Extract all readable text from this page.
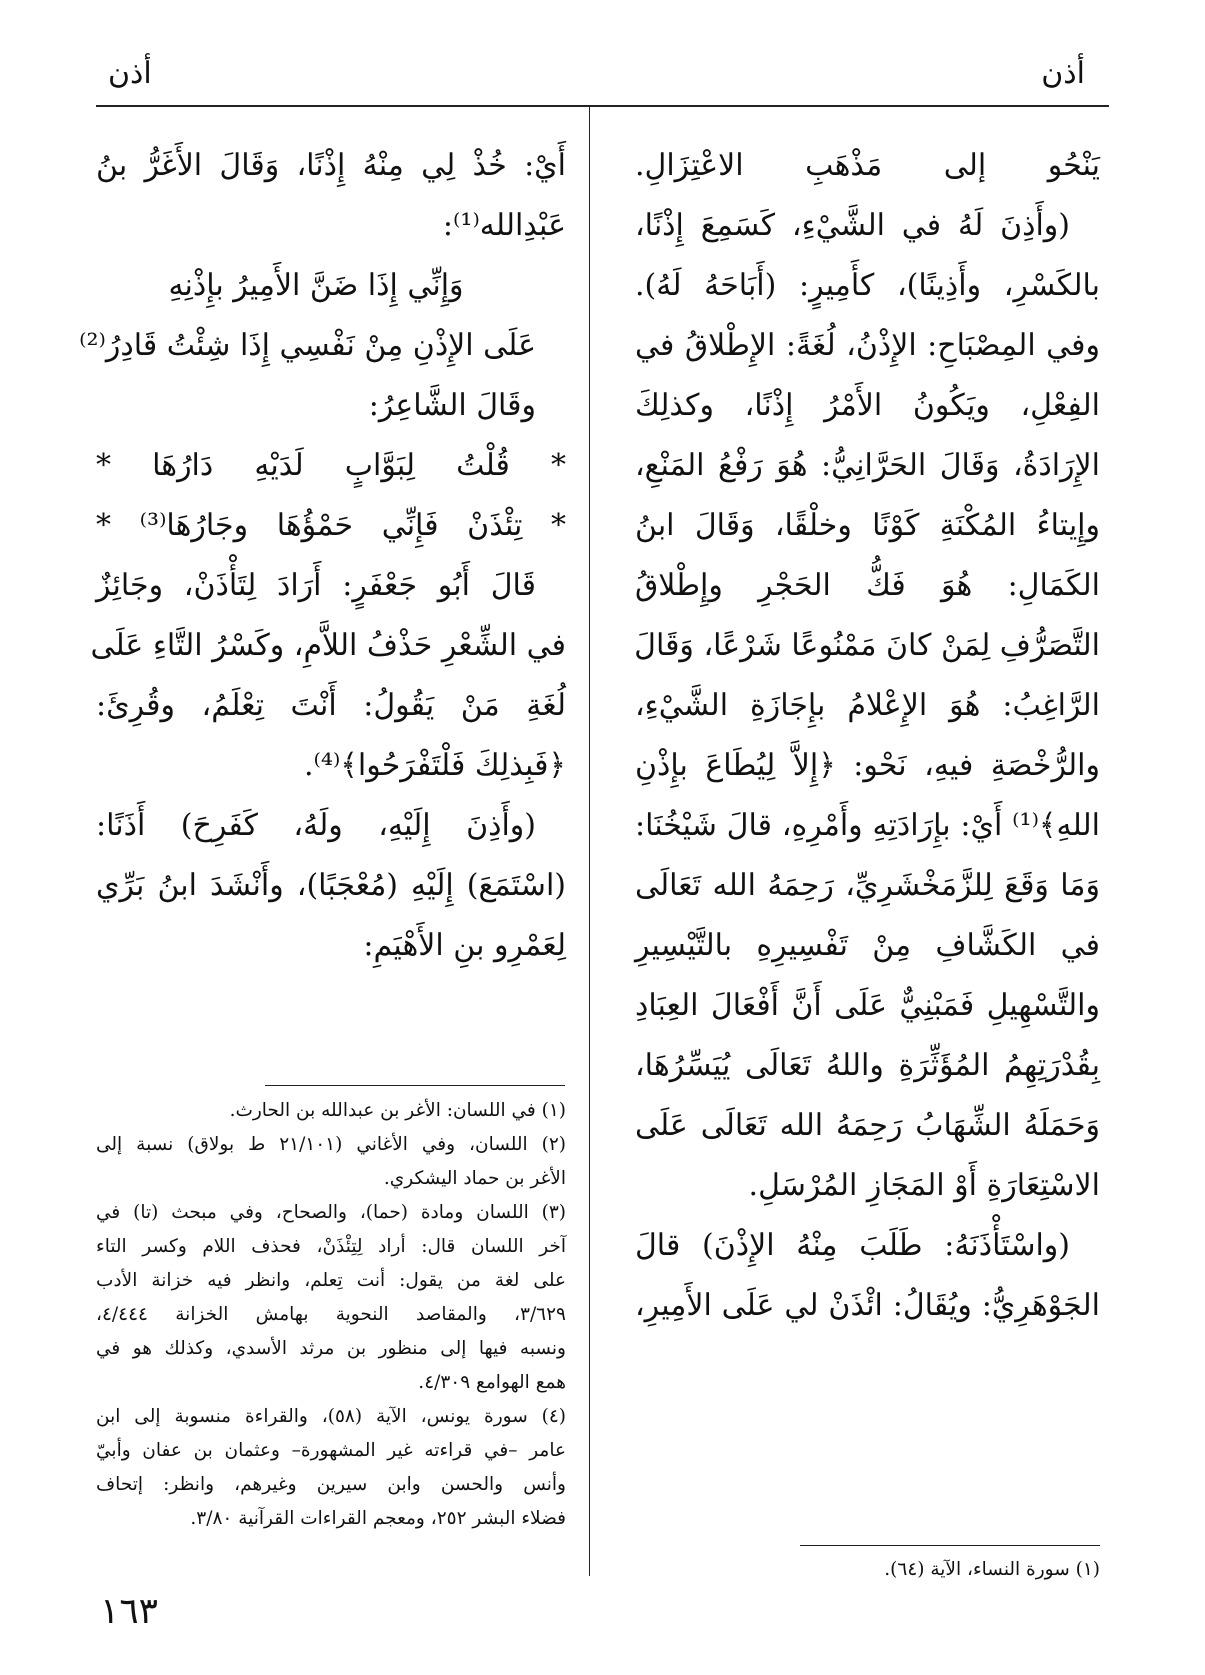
أذن
أذن
يَنْحُو إلى مَذْهَبِ الاعْتِزَالِ.
(وأَذِنَ لَهُ في الشَّيْءِ، كَسَمِعَ إِذْنًا،
بالكَسْرِ، وأَذِينًا)، كأَمِيرٍ: (أَبَاحَهُ لَهُ).
وفي المِصْبَاحِ: الإِذْنُ، لُغَةً: الإِطْلاقُ في
الفِعْلِ، ويَكُونُ الأَمْرُ إِذْنًا، وكذلِكَ
الإِرَادَةُ، وَقَالَ الحَرَّانِيُّ: هُوَ رَفْعُ المَنْعِ،
وإِيتاءُ المُكْنَةِ كَوْنًا وخلْقًا، وَقَالَ ابنُ
الكَمَالِ: هُوَ فَكُّ الحَجْرِ وإِطْلاقُ
التَّصَرُّفِ لِمَنْ كانَ مَمْنُوعًا شَرْعًا، وَقَالَ
الرَّاغِبُ: هُوَ الإِعْلامُ بإِجَازَةِ الشَّيْءِ،
والرُّخْصَةِ فيهِ، نَحْو: ﴿إِلاَّ لِيُطَاعَ بإِذْنِ
اللهِ﴾⁽¹⁾ أَيْ: بإِرَادَتِهِ وأَمْرِهِ، قالَ شَيْخُنَا:
وَمَا وَقَعَ لِلزَّمَخْشَرِيِّ، رَحِمَهُ الله تَعَالَى
في الكَشَّافِ مِنْ تَفْسِيرِهِ بالتَّيْسِيرِ
والتَّسْهِيلِ فَمَبْنِيٌّ عَلَى أَنَّ أَفْعَالَ العِبَادِ
بِقُدْرَتِهِمُ المُؤَثِّرَةِ واللهُ تَعَالَى يُيَسِّرُهَا،
وَحَمَلَهُ الشِّهَابُ رَحِمَهُ الله تَعَالَى عَلَى
الاسْتِعَارَةِ أَوْ المَجَازِ المُرْسَلِ.
(واسْتَأْذَنَهُ: طَلَبَ مِنْهُ الإِذْنَ) قالَ
الجَوْهَرِيُّ: ويُقَالُ: ائْذَنْ لي عَلَى الأَمِيرِ،
(١) سورة النساء، الآية (٦٤).
أَيْ: خُذْ لِي مِنْهُ إِذْنًا، وَقَالَ الأَغَرُّ بنُ
عَبْدِالله⁽¹⁾:
وَإِنِّي إِذَا ضَنَّ الأَمِيرُ بإِذْنِهِ
عَلَى الإِذْنِ مِنْ نَفْسِي إِذَا شِئْتُ قَادِرُ⁽²⁾
وقَالَ الشَّاعِرُ:
* قُلْتُ لِبَوَّابٍ لَدَيْهِ دَارُهَا *
* تِئْذَنْ فَإِنِّي حَمْؤُهَا وجَارُهَا⁽³⁾ *
قَالَ أَبُو جَعْفَرٍ: أَرَادَ لِتَأْذَنْ، وجَائِزٌ
في الشِّعْرِ حَذْفُ اللاَّمِ، وكَسْرُ التَّاءِ عَلَى
لُغَةِ مَنْ يَقُولُ: أَنْتَ تِعْلَمُ، وقُرِئَ:
﴿فَبِذلِكَ فَلْتَفْرَحُوا﴾⁽⁴⁾.
(وأَذِنَ إِلَيْهِ، ولَهُ، كَفَرِحَ) أَذَنًا:
(اسْتَمَعَ) إِلَيْهِ (مُعْجَبًا)، وأَنْشَدَ ابنُ بَرِّي
لِعَمْرِو بنِ الأَهْيَمِ:
(١) في اللسان: الأغر بن عبدالله بن الحارث.
(٢) اللسان، وفي الأغاني (٢١/١٠١ ط بولاق) نسبة إلى
الأغر بن حماد اليشكري.
(٣) اللسان ومادة (حما)، والصحاح، وفي مبحث (تا) في
آخر اللسان قال: أراد لِتِئْذَنْ، فحذف اللام وكسر التاء
على لغة من يقول: أنت تِعلم، وانظر فيه خزانة الأدب
٣/٦٢٩، والمقاصد النحوية بهامش الخزانة ٤/٤٤٤،
ونسبه فيها إلى منظور بن مرثد الأسدي، وكذلك هو في
همع الهوامع ٤/٣٠٩.
(٤) سورة يونس، الآية (٥٨)، والقراءة منسوبة إلى ابن
عامر –في قراءته غير المشهورة– وعثمان بن عفان وأبيّ
وأنس والحسن وابن سيرين وغيرهم، وانظر: إتحاف
فضلاء البشر ٢٥٢، ومعجم القراءات القرآنية ٣/٨٠.
١٦٣
